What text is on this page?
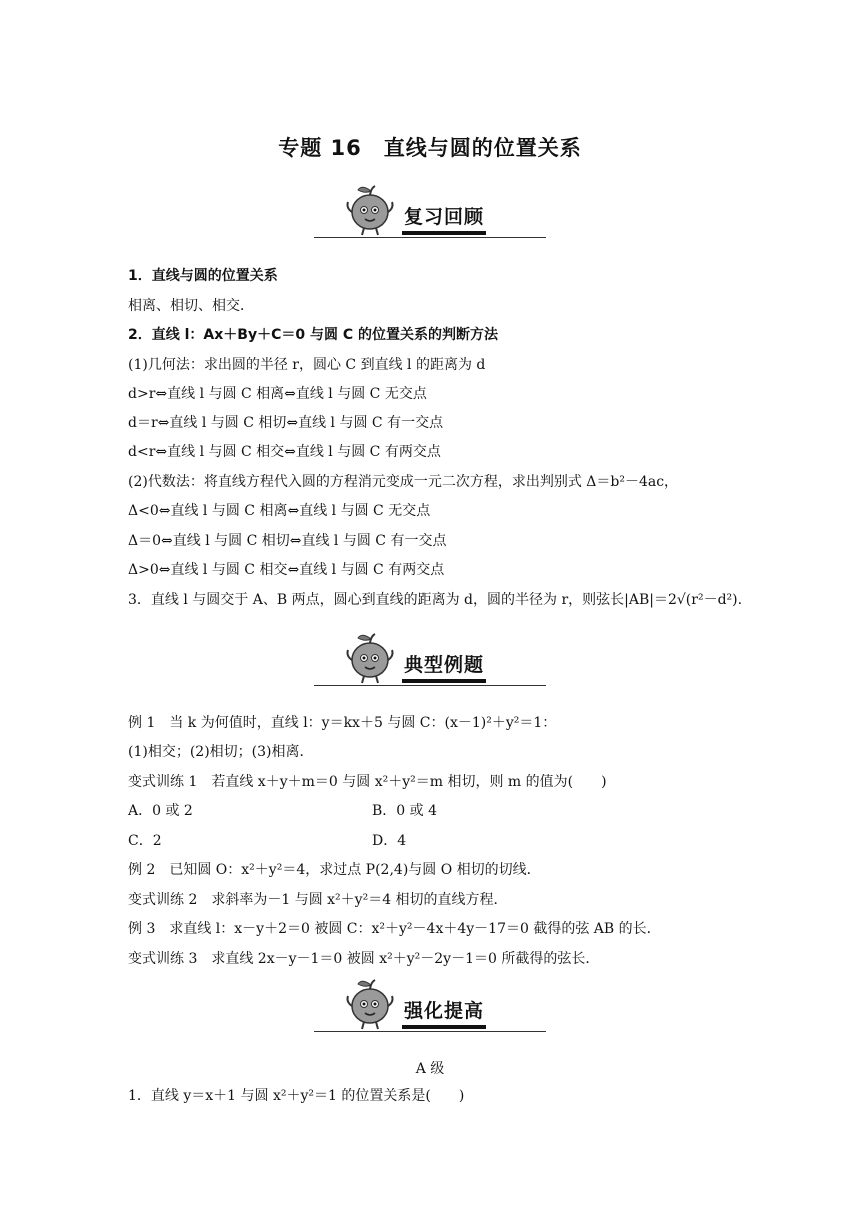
专题 16　直线与圆的位置关系
复习回顾
1．直线与圆的位置关系
相离、相切、相交．
2．直线 l：Ax＋By＋C＝0 与圆 C 的位置关系的判断方法
(1)几何法：求出圆的半径 r，圆心 C 到直线 l 的距离为 d
d>r⇔直线 l 与圆 C 相离⇔直线 l 与圆 C 无交点
d＝r⇔直线 l 与圆 C 相切⇔直线 l 与圆 C 有一交点
d<r⇔直线 l 与圆 C 相交⇔直线 l 与圆 C 有两交点
(2)代数法：将直线方程代入圆的方程消元变成一元二次方程，求出判别式 Δ＝b²－4ac，
Δ<0⇔直线 l 与圆 C 相离⇔直线 l 与圆 C 无交点
Δ＝0⇔直线 l 与圆 C 相切⇔直线 l 与圆 C 有一交点
Δ>0⇔直线 l 与圆 C 相交⇔直线 l 与圆 C 有两交点
3．直线 l 与圆交于 A、B 两点，圆心到直线的距离为 d，圆的半径为 r，则弦长|AB|＝2√(r²－d²).
典型例题
例 1　当 k 为何值时，直线 l：y＝kx＋5 与圆 C：(x－1)²＋y²＝1：
(1)相交；(2)相切；(3)相离．
变式训练 1　若直线 x＋y＋m＝0 与圆 x²＋y²＝m 相切，则 m 的值为(　　)
A．0 或 2	B．0 或 4
C．2	D．4
例 2　已知圆 O：x²＋y²＝4，求过点 P(2,4)与圆 O 相切的切线．
变式训练 2　求斜率为－1 与圆 x²＋y²＝4 相切的直线方程．
例 3　求直线 l：x－y＋2＝0 被圆 C：x²＋y²－4x＋4y－17＝0 截得的弦 AB 的长．
变式训练 3　求直线 2x－y－1＝0 被圆 x²＋y²－2y－1＝0 所截得的弦长．
强化提高
A 级
1．直线 y＝x＋1 与圆 x²＋y²＝1 的位置关系是(　　)
